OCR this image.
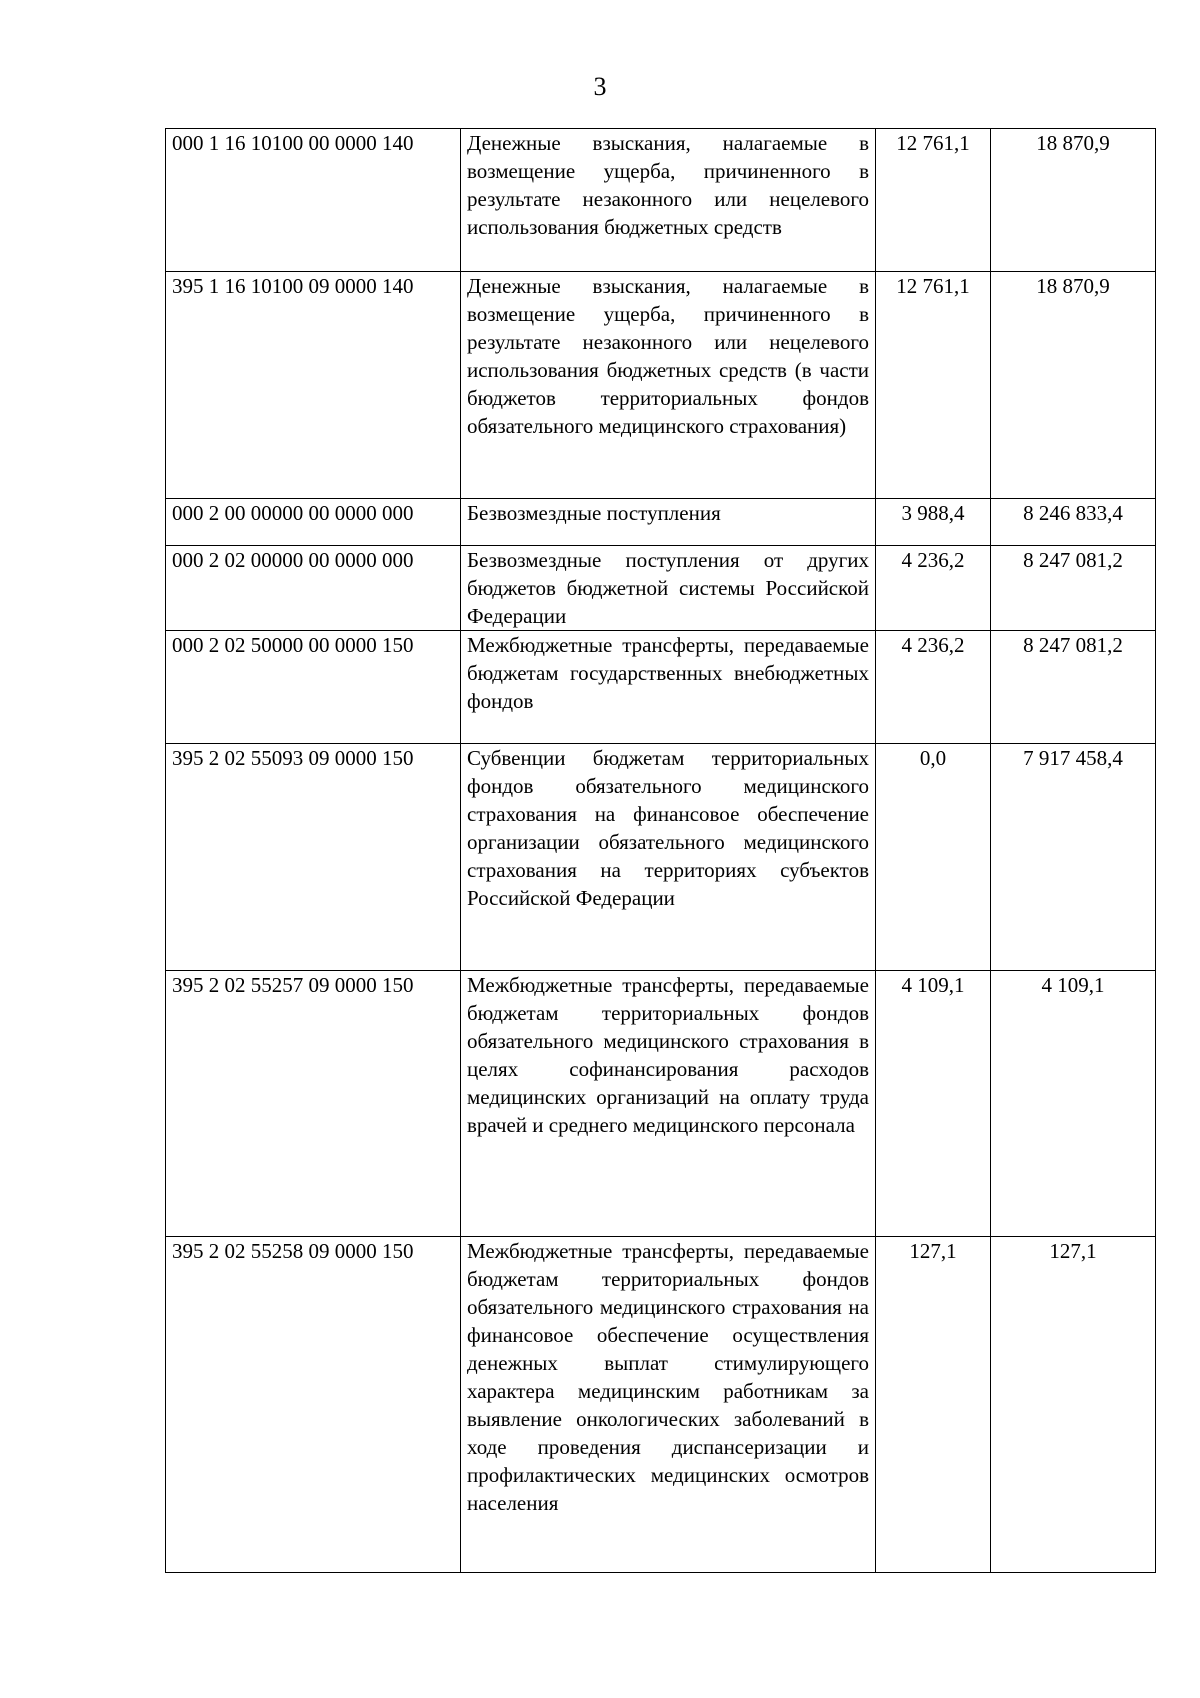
3
000 1 16 10100 00 0000 140	Денежные взыскания, налагаемые в возмещение ущерба, причиненного в результате незаконного или нецелевого использования бюджетных средств	12 761,1	18 870,9
395 1 16 10100 09 0000 140	Денежные взыскания, налагаемые в возмещение ущерба, причиненного в результате незаконного или нецелевого использования бюджетных средств (в части бюджетов территориальных фондов обязательного медицинского страхования)	12 761,1	18 870,9
000 2 00 00000 00 0000 000	Безвозмездные поступления	3 988,4	8 246 833,4
000 2 02 00000 00 0000 000	Безвозмездные поступления от других бюджетов бюджетной системы Российской Федерации	4 236,2	8 247 081,2
000 2 02 50000 00 0000 150	Межбюджетные трансферты, передаваемые бюджетам государственных внебюджетных фондов	4 236,2	8 247 081,2
395 2 02 55093 09 0000 150	Субвенции бюджетам территориальных фондов обязательного медицинского страхования на финансовое обеспечение организации обязательного медицинского страхования на территориях субъектов Российской Федерации	0,0	7 917 458,4
395 2 02 55257 09 0000 150	Межбюджетные трансферты, передаваемые бюджетам территориальных фондов обязательного медицинского страхования в целях софинансирования расходов медицинских организаций на оплату труда врачей и среднего медицинского персонала	4 109,1	4 109,1
395 2 02 55258 09 0000 150	Межбюджетные трансферты, передаваемые бюджетам территориальных фондов обязательного медицинского страхования на финансовое обеспечение осуществления денежных выплат стимулирующего характера медицинским работникам за выявление онкологических заболеваний в ходе проведения диспансеризации и профилактических медицинских осмотров населения	127,1	127,1
